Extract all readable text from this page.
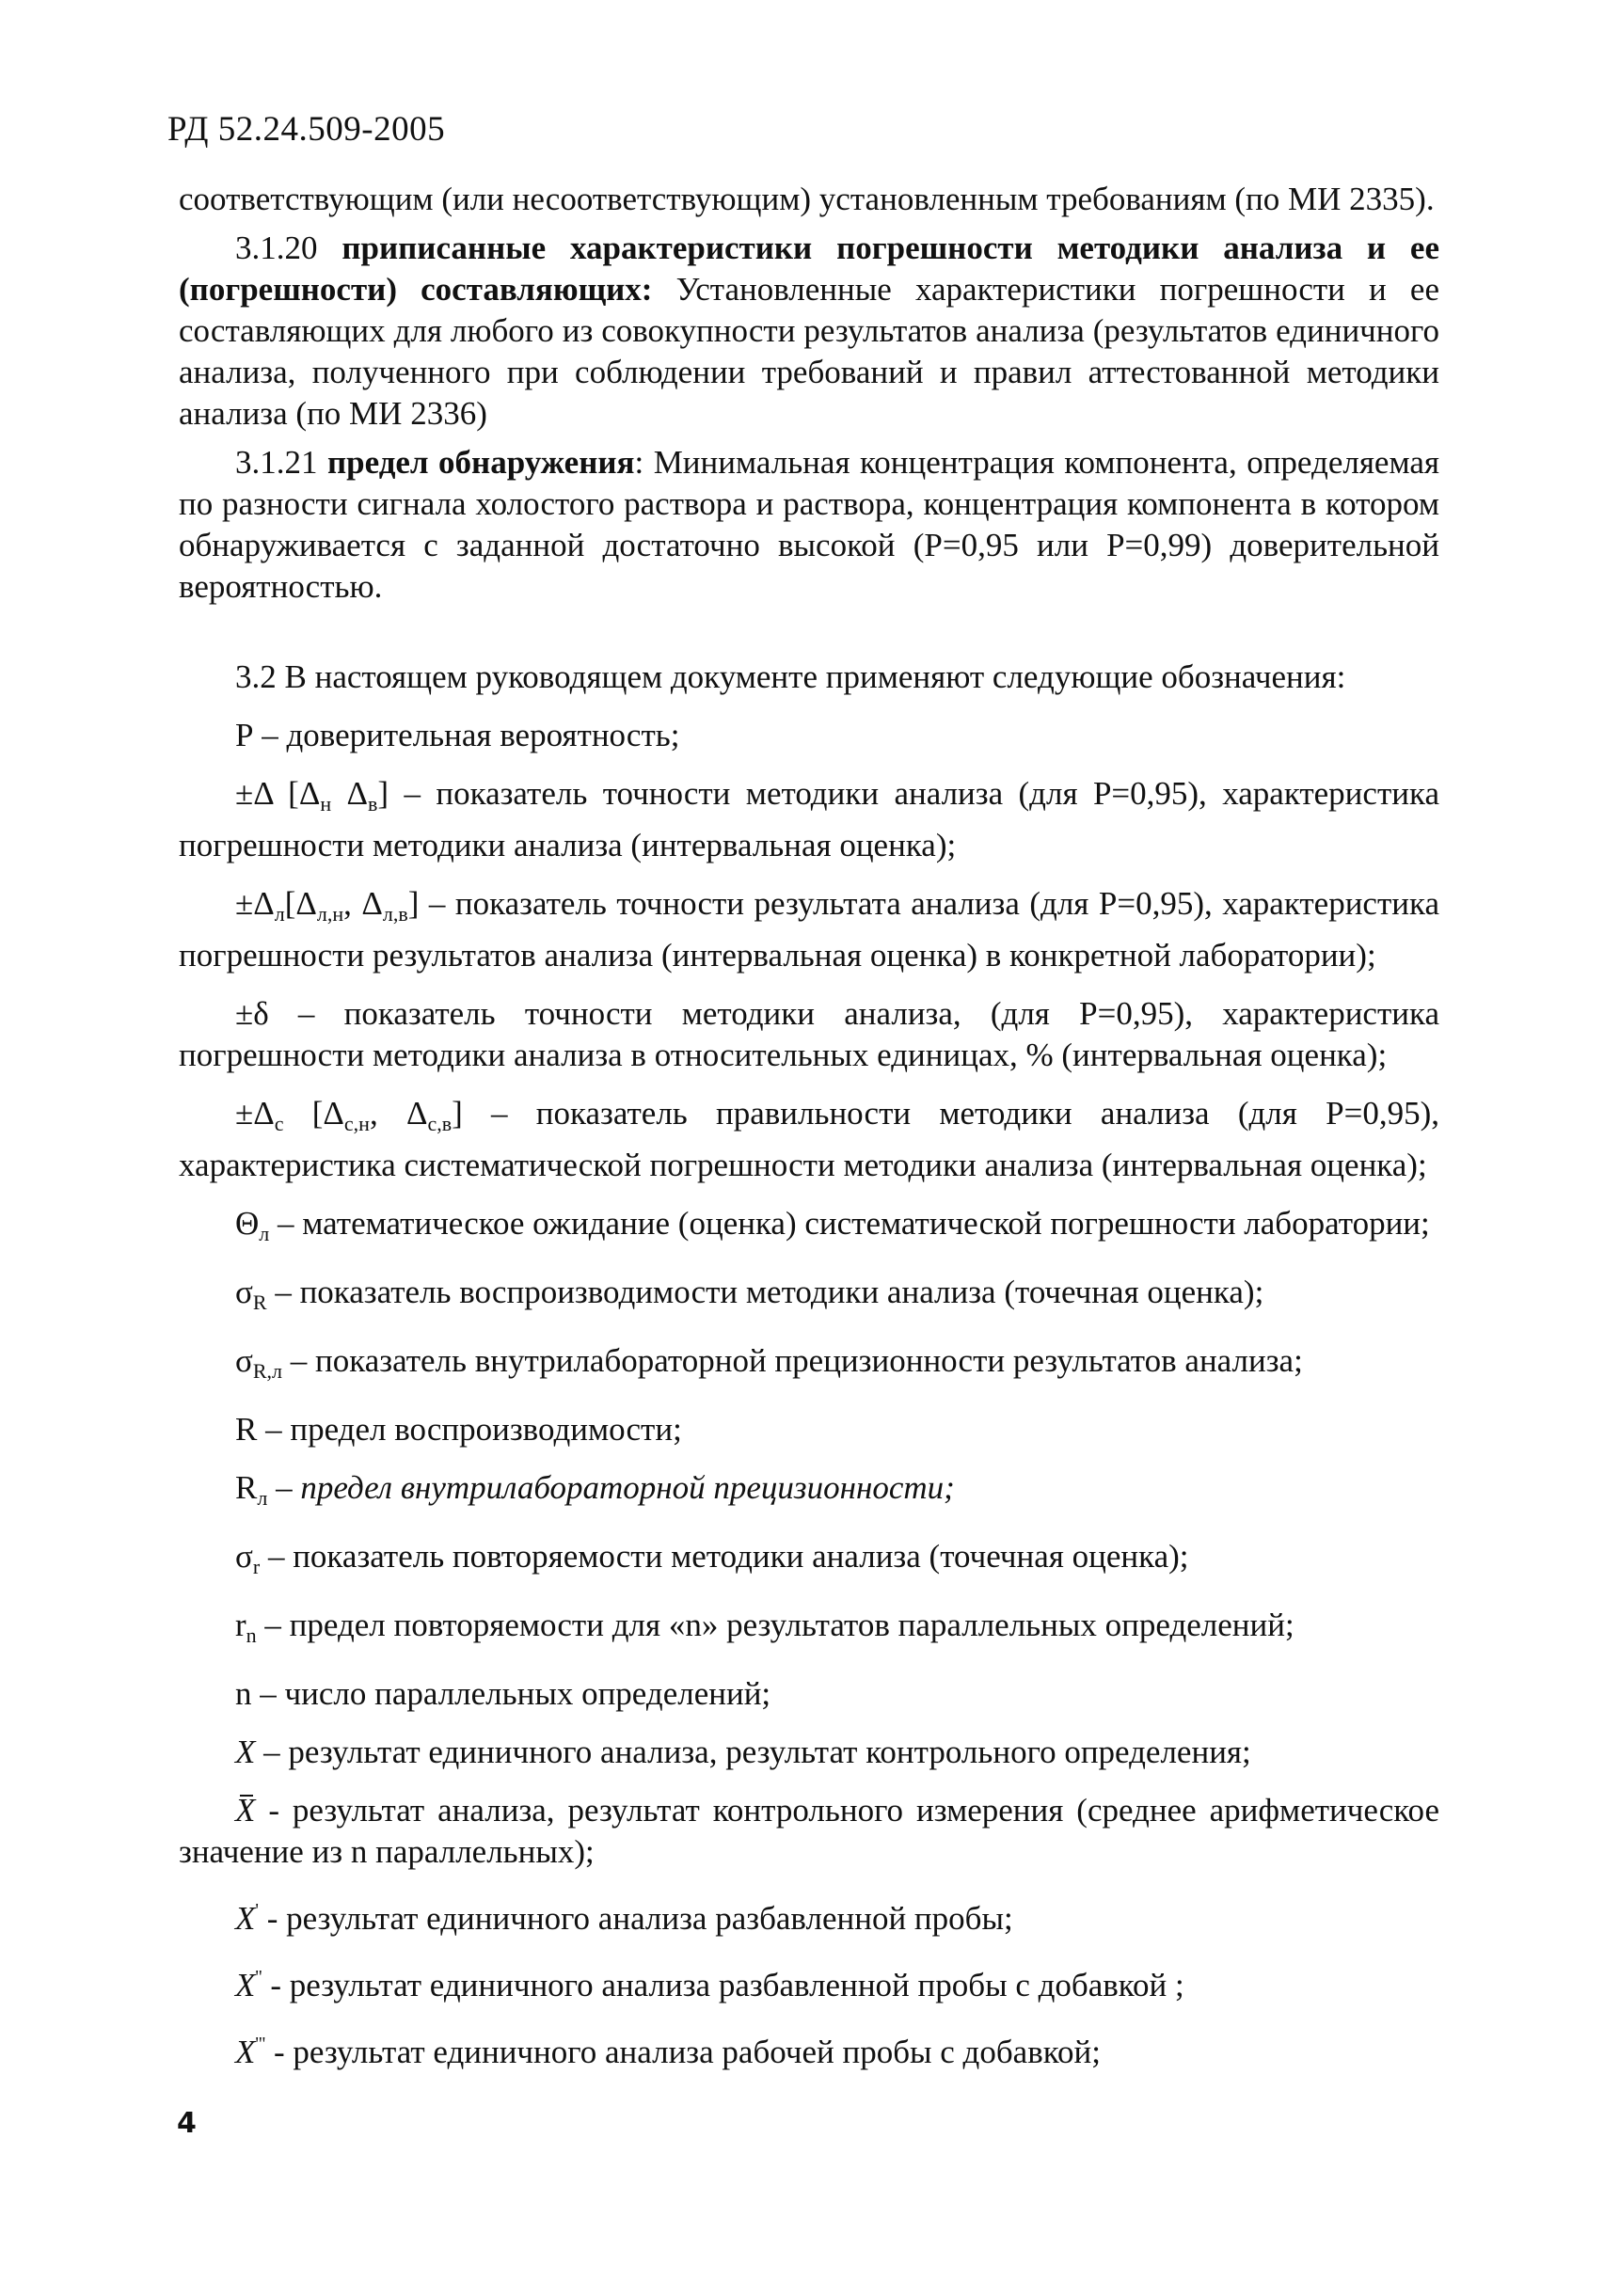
РД 52.24.509-2005

соответствующим (или несоответствующим) установленным требованиям (по МИ 2335).

3.1.20 приписанные характеристики погрешности методики анализа и ее (погрешности) составляющих: Установленные характеристики погрешности и ее составляющих для любого из совокупности результатов анализа (результатов единичного анализа, полученного при соблюдении требований и правил аттестованной методики анализа (по МИ 2336)

3.1.21 предел обнаружения: Минимальная концентрация компонента, определяемая по разности сигнала холостого раствора и раствора, концентрация компонента в котором обнаруживается с заданной достаточно высокой (Р=0,95 или Р=0,99) доверительной вероятностью.

3.2 В настоящем руководящем документе применяют следующие обозначения:

Р – доверительная вероятность;

±Δ [$\Delta_н$ $\Delta_в$] – показатель точности методики анализа (для Р=0,95), характеристика погрешности методики анализа (интервальная оценка);

$\pm\Delta_л[\Delta_{л,н}$, $\Delta_{л,в}$] – показатель точности результата анализа (для Р=0,95), характеристика погрешности результатов анализа (интервальная оценка) в конкретной лаборатории);

±δ – показатель точности методики анализа, (для Р=0,95), характеристика погрешности методики анализа в относительных единицах, % (интервальная оценка);

$\pm\Delta_с$ [$\Delta_{с,н}$, $\Delta_{с,в}$] – показатель правильности методики анализа (для Р=0,95), характеристика систематической погрешности методики анализа (интервальная оценка);

$\Theta_л$ – математическое ожидание (оценка) систематической погрешности лаборатории;

$\sigma_R$ – показатель воспроизводимости методики анализа (точечная оценка);

$\sigma_{R,л}$ – показатель внутрилабораторной прецизионности результатов анализа;

R – предел воспроизводимости;

$R_л$ – предел внутрилабораторной прецизионности;

$\sigma_r$ – показатель повторяемости методики анализа (точечная оценка);

$r_n$ – предел повторяемости для «n» результатов параллельных определений;

n – число параллельных определений;

X – результат единичного анализа, результат контрольного определения;

X - результат анализа, результат контрольного измерения (среднее арифметическое значение из n параллельных);

X' - результат единичного анализа разбавленной пробы;

X'' - результат единичного анализа разбавленной пробы с добавкой ;

X''' - результат единичного анализа рабочей пробы с добавкой;

4
